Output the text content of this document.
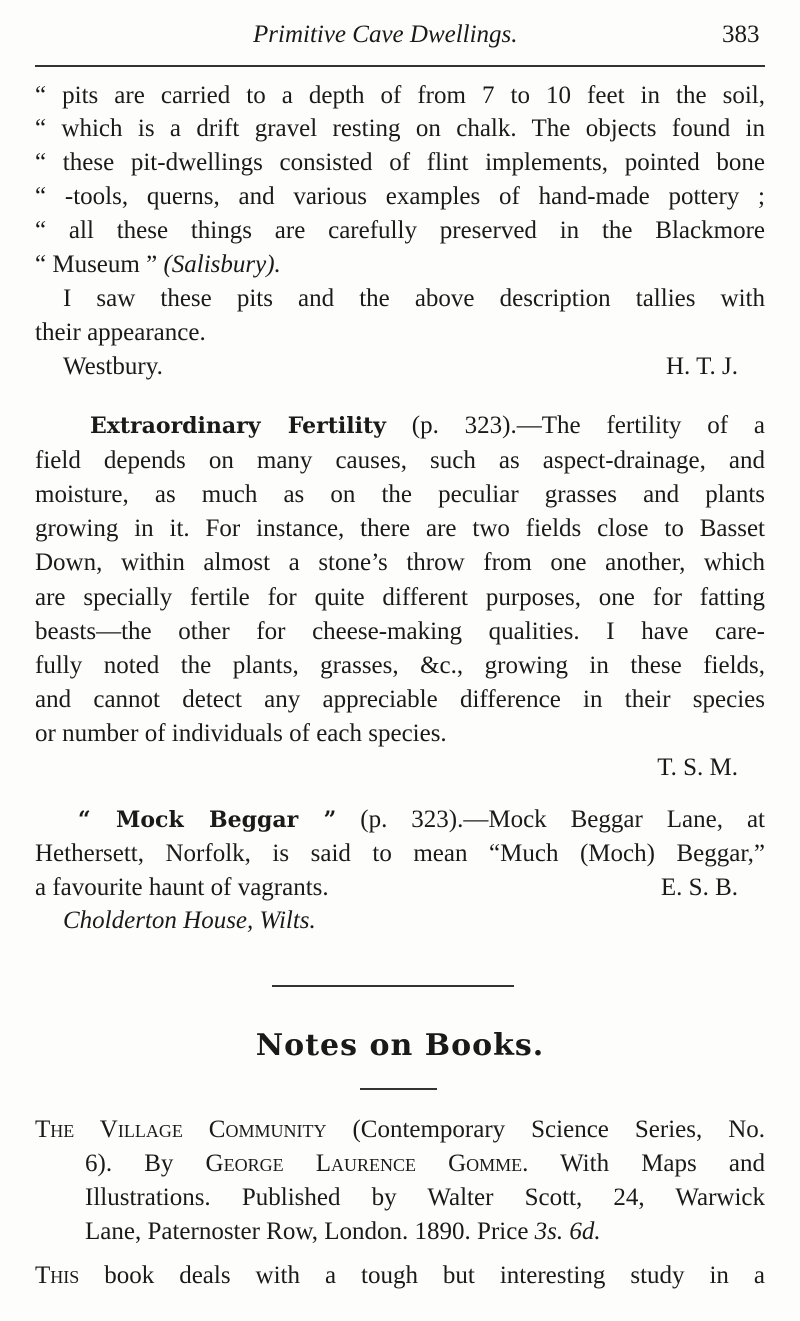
Primitive Cave Dwellings.	383
“ pits are carried to a depth of from 7 to 10 feet in the soil,
“ which is a drift gravel resting on chalk. The objects found in
“ these pit-dwellings consisted of flint implements, pointed bone
“ -tools, querns, and various examples of hand-made pottery ;
“ all these things are carefully preserved in the Blackmore
“ Museum ” (Salisbury).
I saw these pits and the above description tallies with
their appearance.
Westbury.	H. T. J.
Extraordinary Fertility (p. 323).—The fertility of a
field depends on many causes, such as aspect-drainage, and
moisture, as much as on the peculiar grasses and plants
growing in it. For instance, there are two fields close to Basset
Down, within almost a stone’s throw from one another, which
are specially fertile for quite different purposes, one for fatting
beasts—the other for cheese-making qualities. I have care-
fully noted the plants, grasses, &c., growing in these fields,
and cannot detect any appreciable difference in their species
or number of individuals of each species.
T. S. M.
“ Mock Beggar ” (p. 323).—Mock Beggar Lane, at
Hethersett, Norfolk, is said to mean “Much (Moch) Beggar,”
a favourite haunt of vagrants.	E. S. B.
Cholderton House, Wilts.
Notes on Books.
The Village Community (Contemporary Science Series, No.
6). By George Laurence Gomme. With Maps and
Illustrations. Published by Walter Scott, 24, Warwick
Lane, Paternoster Row, London. 1890. Price 3s. 6d.
This book deals with a tough but interesting study in a
